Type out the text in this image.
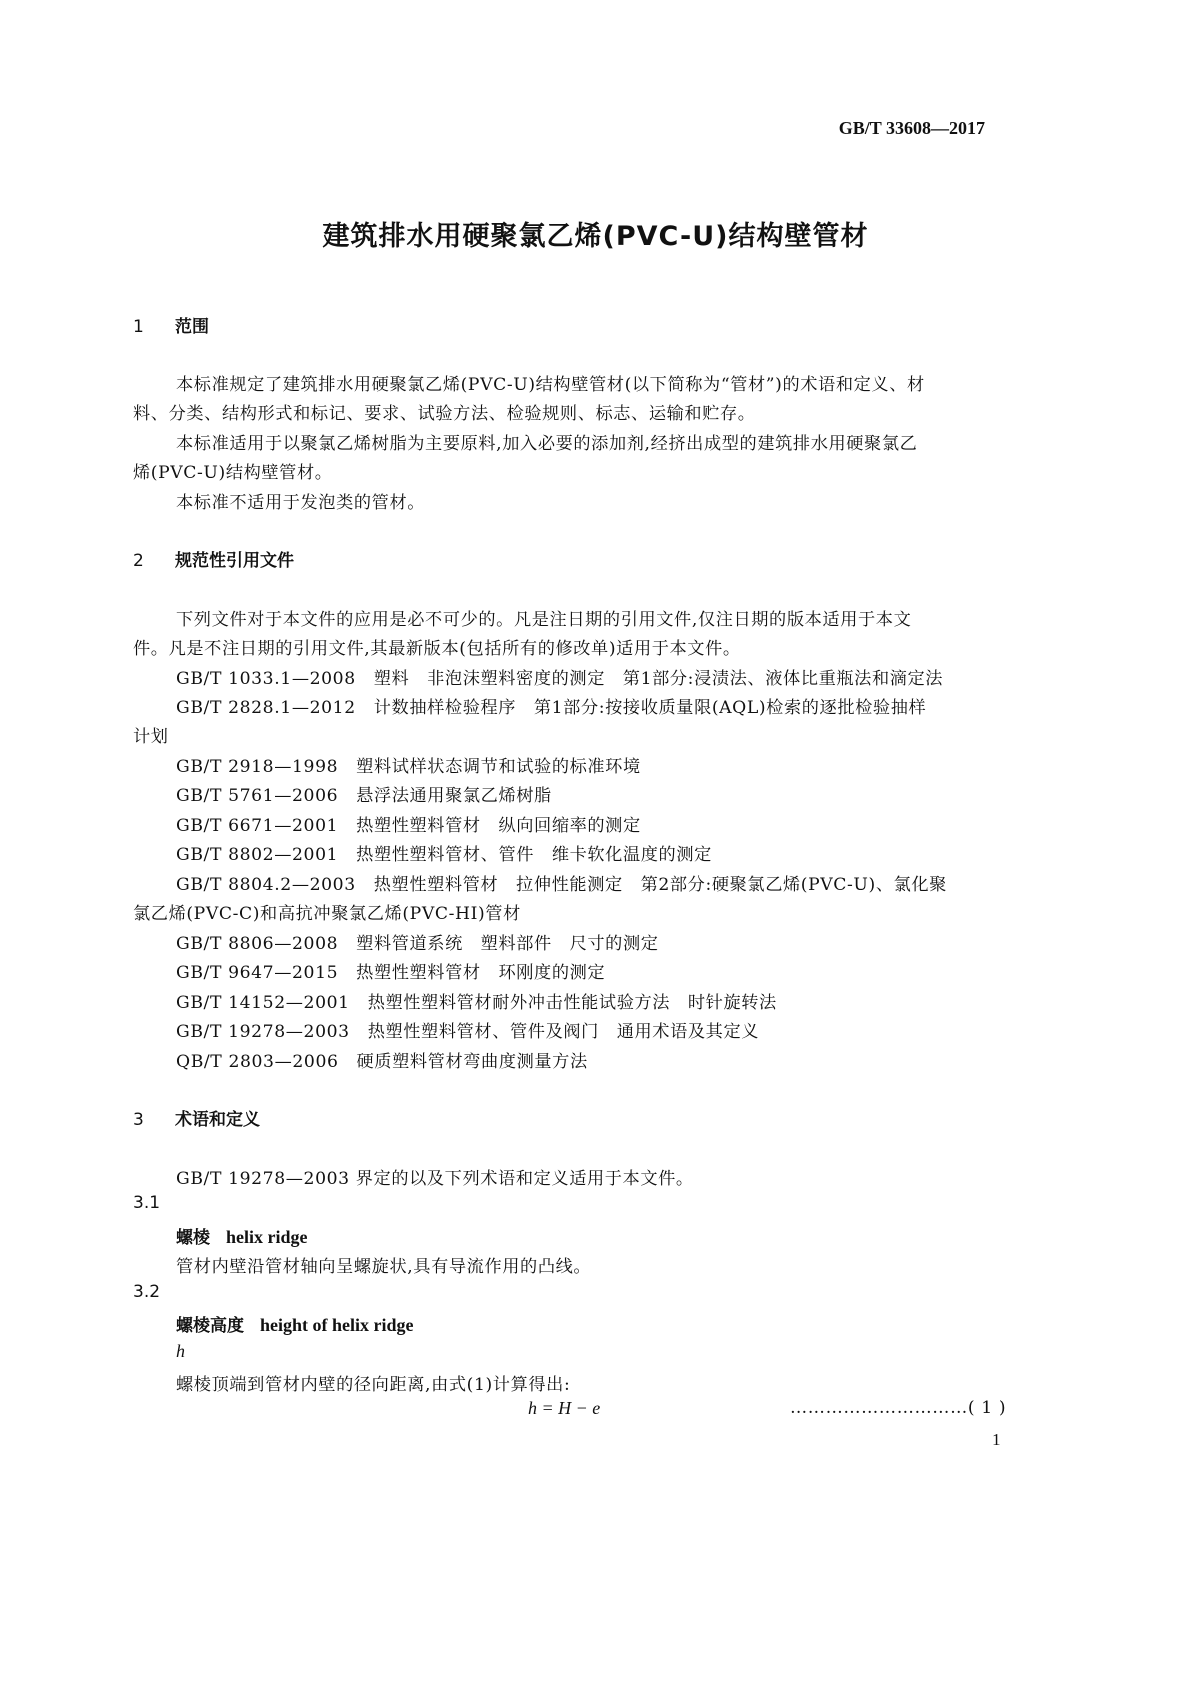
GB/T 33608—2017
建筑排水用硬聚氯乙烯(PVC-U)结构壁管材
1 范围
本标准规定了建筑排水用硬聚氯乙烯(PVC-U)结构壁管材(以下简称为“管材”)的术语和定义、材
料、分类、结构形式和标记、要求、试验方法、检验规则、标志、运输和贮存。
本标准适用于以聚氯乙烯树脂为主要原料,加入必要的添加剂,经挤出成型的建筑排水用硬聚氯乙
烯(PVC-U)结构壁管材。
本标准不适用于发泡类的管材。
2 规范性引用文件
下列文件对于本文件的应用是必不可少的。凡是注日期的引用文件,仅注日期的版本适用于本文
件。凡是不注日期的引用文件,其最新版本(包括所有的修改单)适用于本文件。
GB/T 1033.1—2008 塑料　非泡沫塑料密度的测定　第1部分:浸渍法、液体比重瓶法和滴定法
GB/T 2828.1—2012 计数抽样检验程序　第1部分:按接收质量限(AQL)检索的逐批检验抽样
计划
GB/T 2918—1998 塑料试样状态调节和试验的标准环境
GB/T 5761—2006 悬浮法通用聚氯乙烯树脂
GB/T 6671—2001 热塑性塑料管材　纵向回缩率的测定
GB/T 8802—2001 热塑性塑料管材、管件　维卡软化温度的测定
GB/T 8804.2—2003 热塑性塑料管材　拉伸性能测定　第2部分:硬聚氯乙烯(PVC-U)、氯化聚
氯乙烯(PVC-C)和高抗冲聚氯乙烯(PVC-HI)管材
GB/T 8806—2008 塑料管道系统　塑料部件　尺寸的测定
GB/T 9647—2015 热塑性塑料管材　环刚度的测定
GB/T 14152—2001 热塑性塑料管材耐外冲击性能试验方法　时针旋转法
GB/T 19278—2003 热塑性塑料管材、管件及阀门　通用术语及其定义
QB/T 2803—2006 硬质塑料管材弯曲度测量方法
3 术语和定义
GB/T 19278—2003 界定的以及下列术语和定义适用于本文件。
3.1
螺棱 helix ridge
管材内壁沿管材轴向呈螺旋状,具有导流作用的凸线。
3.2
螺棱高度 height of helix ridge
h
螺棱顶端到管材内壁的径向距离,由式(1)计算得出:
h = H − e	…………………………( 1 )
1
